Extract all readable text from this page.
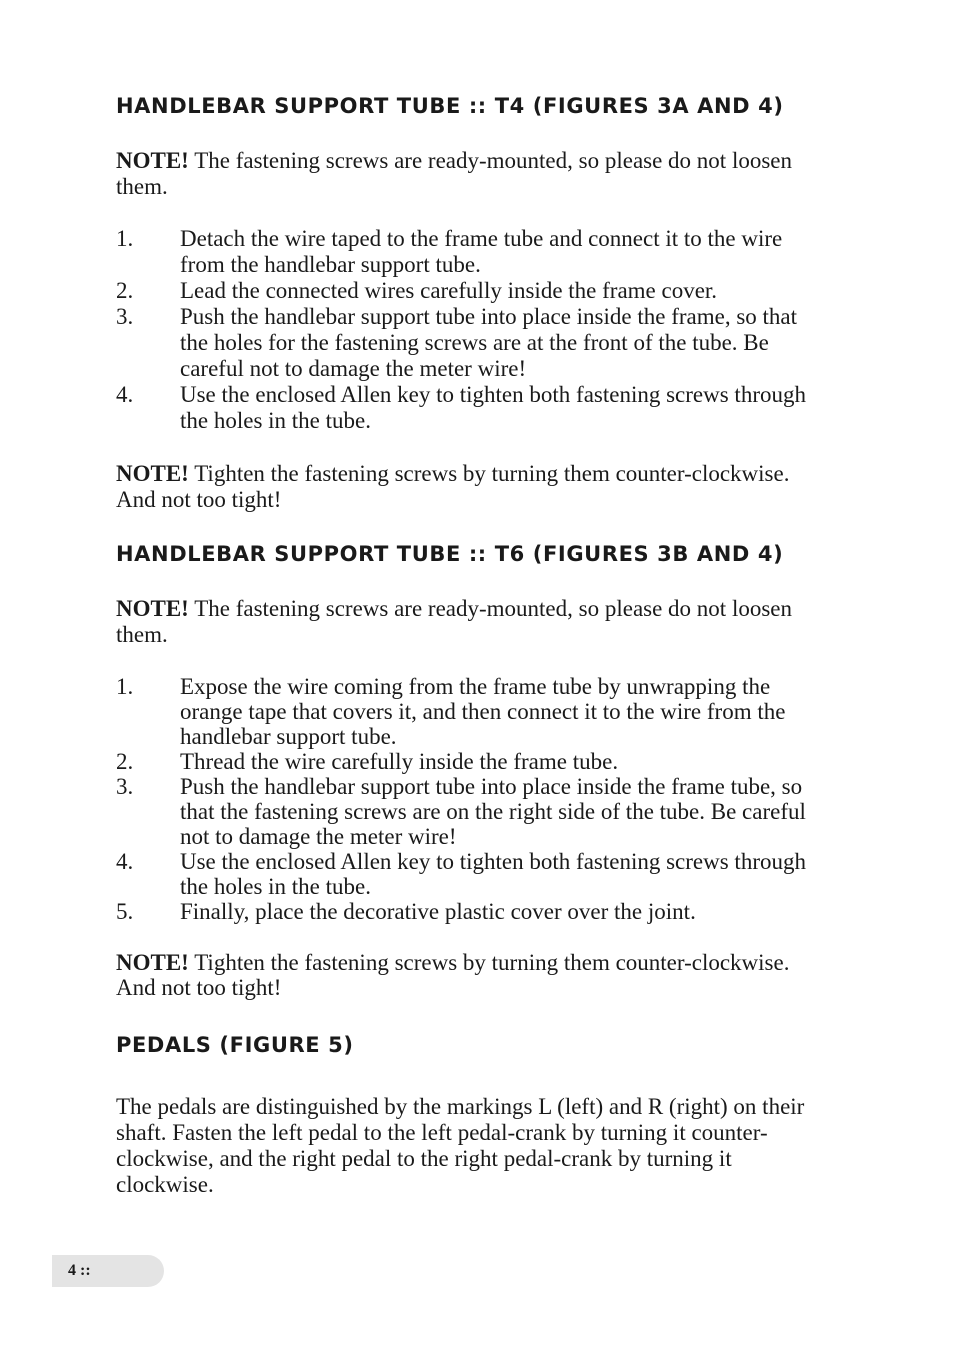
HANDLEBAR SUPPORT TUBE :: T4 (FIGURES 3A AND 4)

NOTE! The fastening screws are ready-mounted, so please do not loosen them.

1.	Detach the wire taped to the frame tube and connect it to the wire from the handlebar support tube.
2.	Lead the connected wires carefully inside the frame cover.
3.	Push the handlebar support tube into place inside the frame, so that the holes for the fastening screws are at the front of the tube. Be careful not to damage the meter wire!
4.	Use the enclosed Allen key to tighten both fastening screws through the holes in the tube.

NOTE! Tighten the fastening screws by turning them counter-clockwise. And not too tight!

HANDLEBAR SUPPORT TUBE :: T6 (FIGURES 3B AND 4)

NOTE! The fastening screws are ready-mounted, so please do not loosen them.

1.	Expose the wire coming from the frame tube by unwrapping the orange tape that covers it, and then connect it to the wire from the handlebar support tube.
2.	Thread the wire carefully inside the frame tube.
3.	Push the handlebar support tube into place inside the frame tube, so that the fastening screws are on the right side of the tube. Be careful not to damage the meter wire!
4.	Use the enclosed Allen key to tighten both fastening screws through the holes in the tube.
5.	Finally, place the decorative plastic cover over the joint.

NOTE! Tighten the fastening screws by turning them counter-clockwise. And not too tight!

PEDALS (FIGURE 5)

The pedals are distinguished by the markings L (left) and R (right) on their shaft. Fasten the left pedal to the left pedal-crank by turning it counter-clockwise, and the right pedal to the right pedal-crank by turning it clockwise.

4 ::
